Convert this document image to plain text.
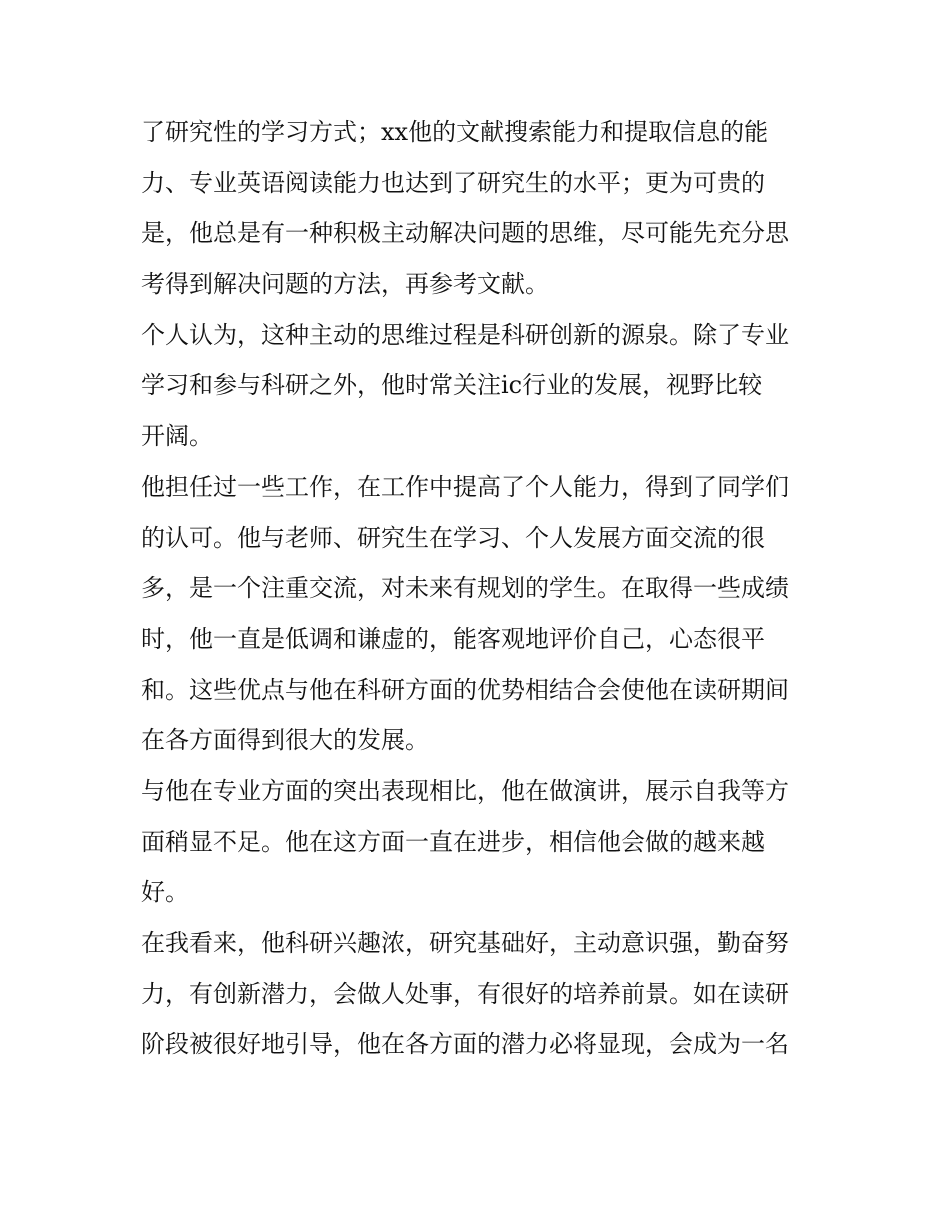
了研究性的学习方式；xx他的文献搜索能力和提取信息的能
力、专业英语阅读能力也达到了研究生的水平；更为可贵的
是，他总是有一种积极主动解决问题的思维，尽可能先充分思
考得到解决问题的方法，再参考文献。
个人认为，这种主动的思维过程是科研创新的源泉。除了专业
学习和参与科研之外，他时常关注ic行业的发展，视野比较
开阔。
他担任过一些工作，在工作中提高了个人能力，得到了同学们
的认可。他与老师、研究生在学习、个人发展方面交流的很
多，是一个注重交流，对未来有规划的学生。在取得一些成绩
时，他一直是低调和谦虚的，能客观地评价自己，心态很平
和。这些优点与他在科研方面的优势相结合会使他在读研期间
在各方面得到很大的发展。
与他在专业方面的突出表现相比，他在做演讲，展示自我等方
面稍显不足。他在这方面一直在进步，相信他会做的越来越
好。
在我看来，他科研兴趣浓，研究基础好，主动意识强，勤奋努
力，有创新潜力，会做人处事，有很好的培养前景。如在读研
阶段被很好地引导，他在各方面的潜力必将显现，会成为一名
